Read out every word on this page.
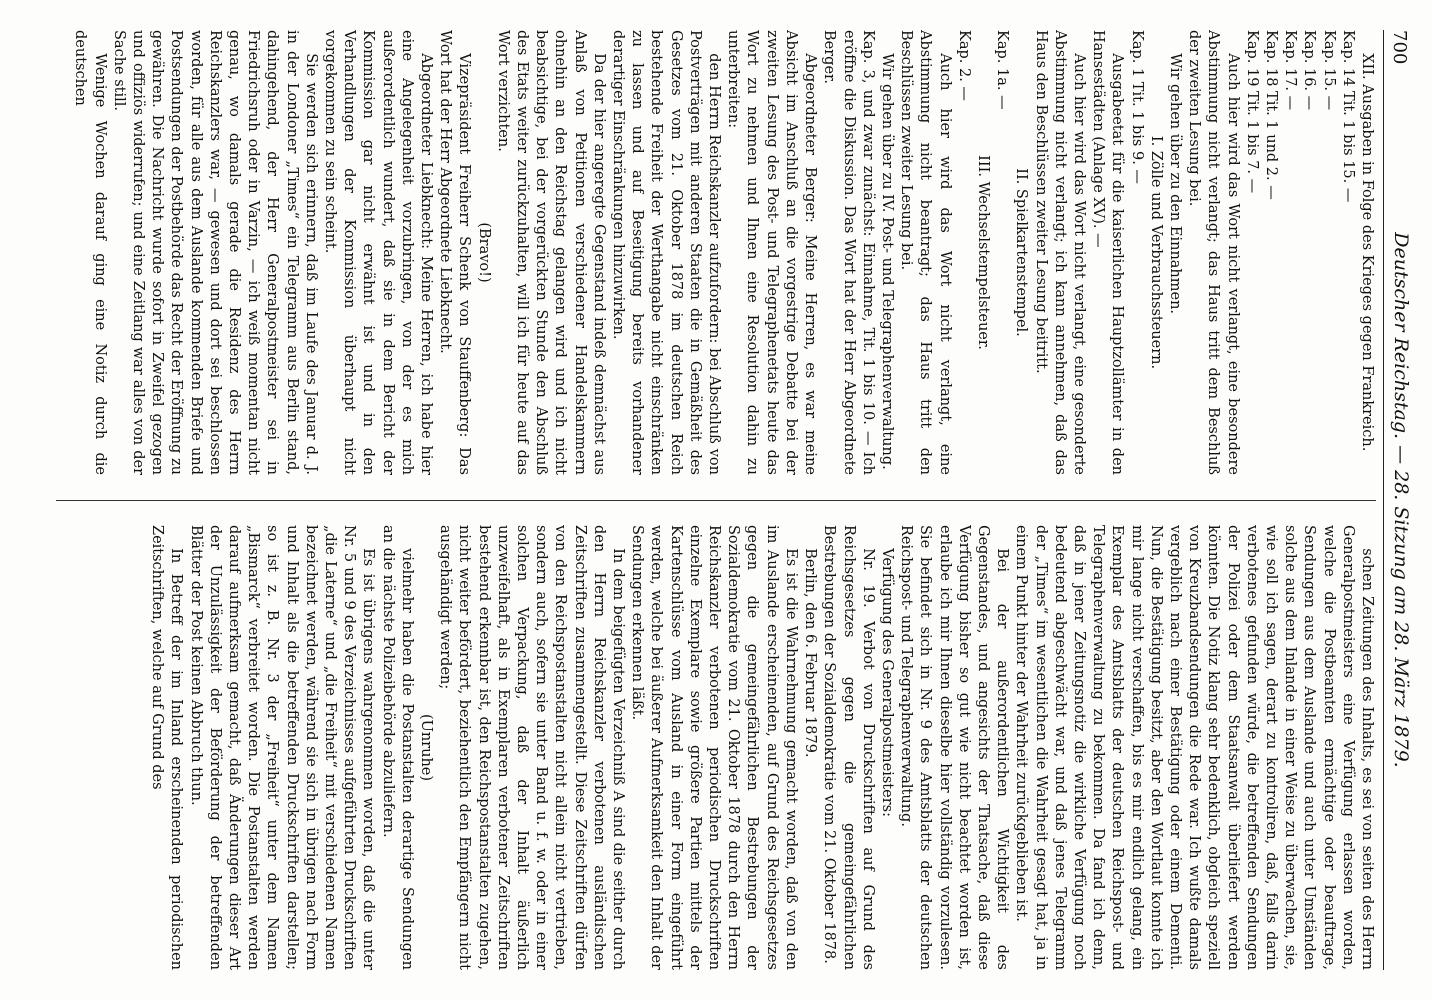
700
Deutscher Reichstag. — 28. Sitzung am 28. März 1879.

XII. Ausgaben in Folge des Krieges gegen Frankreich.

Kap. 14 Tit. 1 bis 15. —

Kap. 15. —

Kap. 16. —

Kap. 17. —

Kap. 18 Tit. 1 und 2. —

Kap. 19 Tit. 1 bis 7. —

Auch hier wird das Wort nicht verlangt, eine besondere Abstimmung nicht verlangt; das Haus tritt dem Beschluß der zweiten Lesung bei.

Wir gehen über zu den Einnahmen.

I. Zölle und Verbrauchssteuern.

Kap. 1 Tit. 1 bis 9. —

Ausgabeetat für die kaiserlichen Hauptzollämter in den Hansestädten (Anlage XV). —

Auch hier wird das Wort nicht verlangt, eine gesonderte Abstimmung nicht verlangt; ich kann annehmen, daß das Haus den Beschlüssen zweiter Lesung beitritt.

II. Spielkartenstempel.

Kap. 1a. —

III. Wechselstempelsteuer.

Kap. 2. —

Auch hier wird das Wort nicht verlangt, eine Abstimmung nicht beantragt; das Haus tritt den Beschlüssen zweiter Lesung bei.

Wir gehen über zu IV. Post- und Telegraphenverwaltung.

Kap. 3, und zwar zunächst: Einnahme, Tit. 1 bis 10. — Ich eröffne die Diskussion. Das Wort hat der Herr Abgeordnete Berger.

Abgeordneter Berger: Meine Herren, es war meine Absicht im Anschluß an die vorgestrige Debatte bei der zweiten Lesung des Post- und Telegraphenetats heute das Wort zu nehmen und Ihnen eine Resolution dahin zu unterbreiten:

den Herrn Reichskanzler aufzufordern: bei Abschluß von Postverträgen mit anderen Staaten die in Gemäßheit des Gesetzes vom 21. Oktober 1878 im deutschen Reich bestehende Freiheit der Werthangabe nicht einschränken zu lassen und auf Beseitigung bereits vorhandener derartiger Einschränkungen hinzuwirken.

Da der hier angeregte Gegenstand indeß demnächst aus Anlaß von Petitionen verschiedener Handelskammern ohnehin an den Reichstag gelangen wird und ich nicht beabsichtige, bei der vorgerückten Stunde den Abschluß des Etats weiter zurückzuhalten, will ich für heute auf das Wort verzichten.

(Bravo!)

Vizepräsident Freiherr Schenk von Stauffenberg: Das Wort hat der Herr Abgeordnete Liebknecht.

Abgeordneter Liebknecht: Meine Herren, ich habe hier eine Angelegenheit vorzubringen, von der es mich außerordentlich wundert, daß sie in dem Bericht der Kommission gar nicht erwähnt ist und in den Verhandlungen der Kommission überhaupt nicht vorgekommen zu sein scheint.

Sie werden sich erinnern, daß im Laufe des Januar d. J. in der Londoner „Times“ ein Telegramm aus Berlin stand, dahingehend, der Herr Generalpostmeister sei in Friedrichsruh oder in Varzin, — ich weiß momentan nicht genau, wo damals gerade die Residenz des Herrn Reichskanzlers war, — gewesen und dort sei beschlossen worden, für alle aus dem Auslande kommenden Briefe und Postsendungen der Postbehörde das Recht der Eröffnung zu gewähren. Die Nachricht wurde sofort in Zweifel gezogen und offiziös widerrufen; und eine Zeitlang war alles von der Sache still.

Wenige Wochen darauf ging eine Notiz durch die deutschen

schen Zeitungen des Inhalts, es sei von seiten des Herrn Generalpostmeisters eine Verfügung erlassen worden, welche die Postbeamten ermächtige oder beauftrage, Sendungen aus dem Auslande und auch unter Umständen solche aus dem Inlande in einer Weise zu überwachen, sie, wie soll ich sagen, derart zu kontroliren, daß, falls darin verbotenes gefunden würde, die betreffenden Sendungen der Polizei oder dem Staatsanwalt überliefert werden könnten. Die Notiz klang sehr bedenklich, obgleich speziell von Kreuzbandsendungen die Rede war. Ich wußte damals vergeblich nach einer Bestätigung oder einem Dementi. Nun, die Bestätigung besitzt, aber den Wortlaut konnte ich mir lange nicht verschaffen, bis es mir endlich gelang, ein Exemplar des Amtsblatts der deutschen Reichspost- und Telegraphenverwaltung zu bekommen. Da fand ich denn, daß in jener Zeitungsnotiz die wirkliche Verfügung noch bedeutend abgeschwächt war, und daß jenes Telegramm der „Times“ im wesentlichen die Wahrheit gesagt hat, ja in einem Punkt hinter der Wahrheit zurückgeblieben ist.

Bei der außerordentlichen Wichtigkeit des Gegenstandes, und angesichts der Thatsache, daß diese Verfügung bisher so gut wie nicht beachtet worden ist, erlaube ich mir Ihnen dieselbe hier vollständig vorzulesen. Sie befindet sich in Nr. 9 des Amtsblatts der deutschen Reichspost- und Telegraphenverwaltung.

Verfügung des Generalpostmeisters:

Nr. 19. Verbot von Druckschriften auf Grund des Reichsgesetzes gegen die gemeingefährlichen Bestrebungen der Sozialdemokratie vom 21. Oktober 1878.

Berlin, den 6. Februar 1879.

Es ist die Wahrnehmung gemacht worden, daß von den im Auslande erscheinenden, auf Grund des Reichsgesetzes gegen die gemeingefährlichen Bestrebungen der Sozialdemokratie vom 21. Oktober 1878 durch den Herrn Reichskanzler verbotenen periodischen Druckschriften einzelne Exemplare sowie größere Partien mittels der Kartenschlüsse vom Ausland in einer Form eingeführt werden, welche bei äußerer Aufmerksamkeit den Inhalt der Sendungen erkennen läßt.

In dem beigefügten Verzeichniß A sind die seither durch den Herrn Reichskanzler verbotenen ausländischen Zeitschriften zusammengestellt. Diese Zeitschriften dürfen von den Reichspostanstalten nicht allein nicht vertrieben, sondern auch, sofern sie unter Band u. f. w. oder in einer solchen Verpackung, daß der Inhalt äußerlich unzweifelhaft, als in Exemplaren verbotener Zeitschriften bestehend erkennbar ist, den Reichspostanstalten zugehen, nicht weiter befördert, beziehentlich den Empfängern nicht ausgehändigt werden;

(Unruhe)

vielmehr haben die Postanstalten derartige Sendungen an die nächste Polizeibehörde abzuliefern.

Es ist übrigens wahrgenommen worden, daß die unter Nr. 5 und 9 des Verzeichnisses aufgeführten Druckschriften „die Laterne“ und „die Freiheit“ mit verschiedenen Namen bezeichnet werden, während sie sich in übrigen nach Form und Inhalt als die betreffenden Druckschriften darstellen; so ist z. B. Nr. 3 der „Freiheit“ unter dem Namen „Bismarck“ verbreitet worden. Die Postanstalten werden darauf aufmerksam gemacht, daß Änderungen dieser Art der Unzulässigkeit der Beförderung der betreffenden Blätter der Post keinen Abbruch thun.

In Betreff der im Inland erscheinenden periodischen Zeitschriften, welche auf Grund des
